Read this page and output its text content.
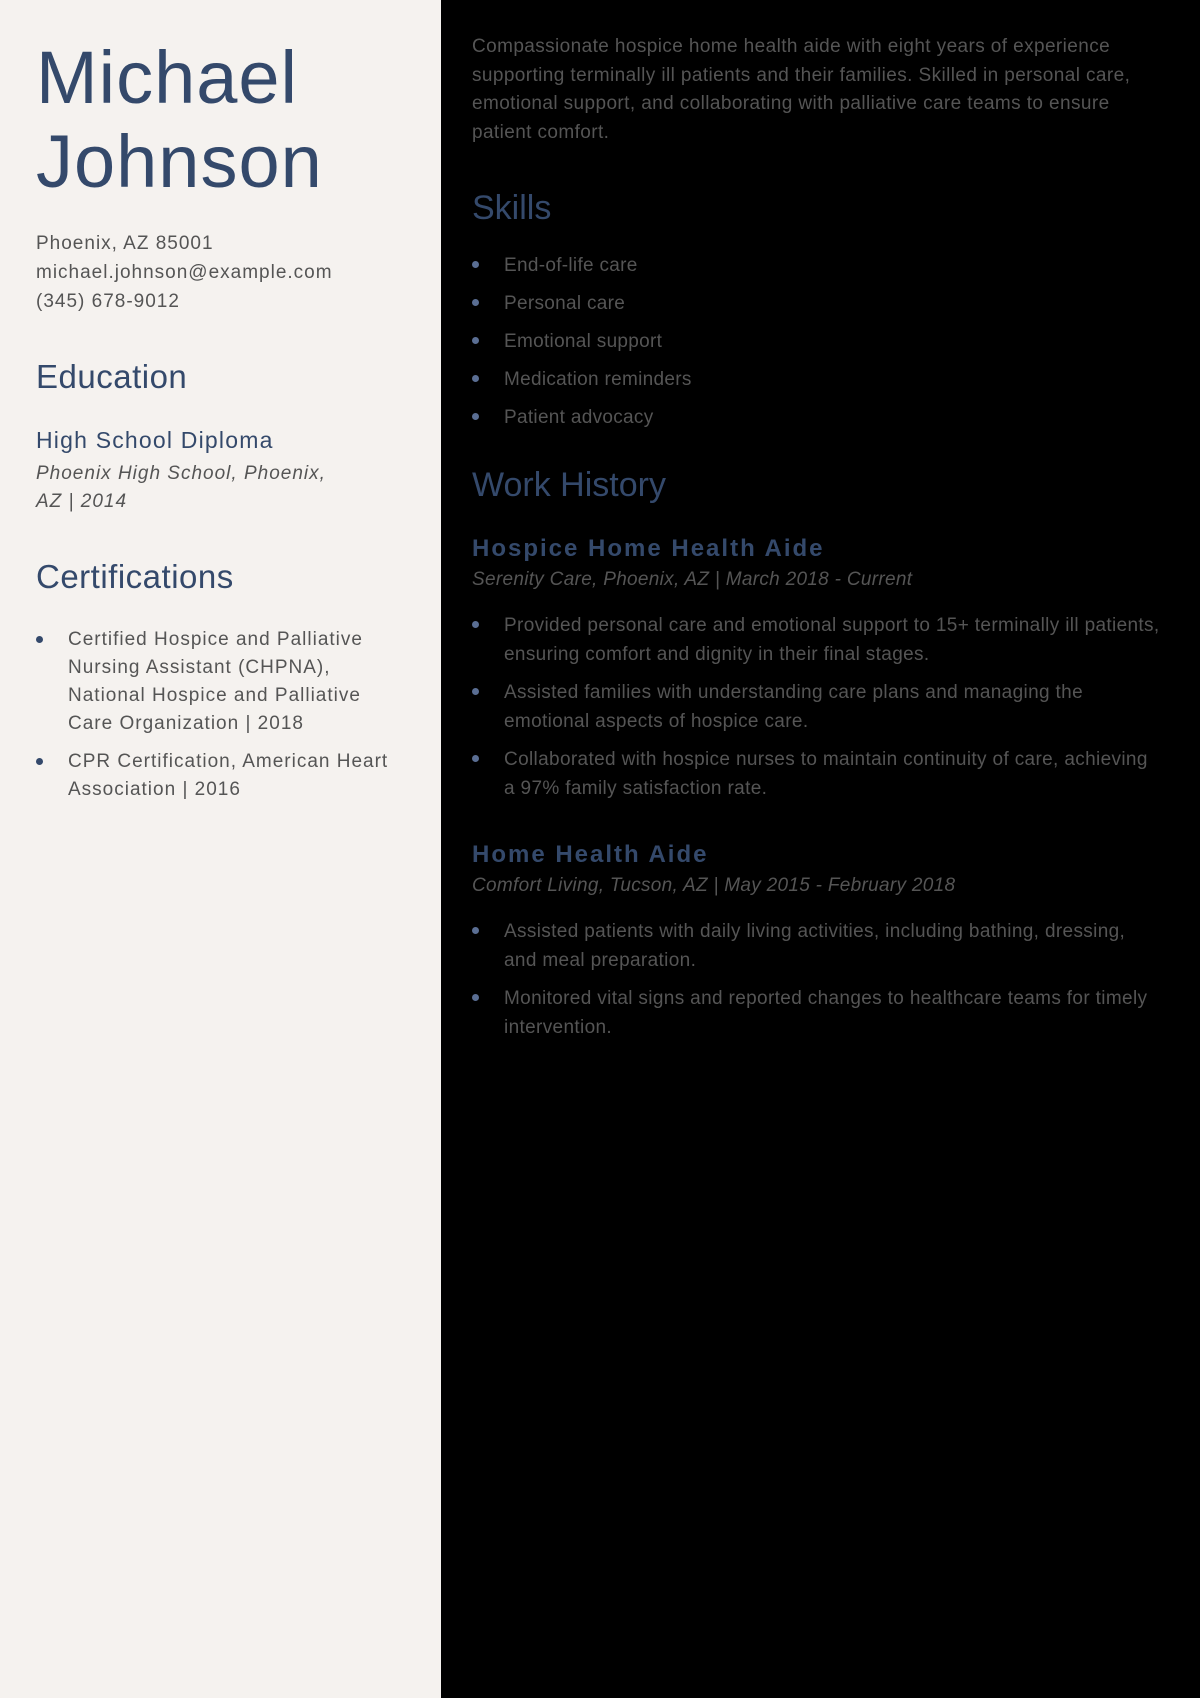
Michael
Johnson
Phoenix, AZ 85001
michael.johnson@example.com
(345) 678-9012
Education
High School Diploma
Phoenix High School, Phoenix,
AZ | 2014
Certifications
Certified Hospice and Palliative Nursing Assistant (CHPNA), National Hospice and Palliative Care Organization | 2018
CPR Certification, American Heart Association | 2016

Compassionate hospice home health aide with eight years of experience supporting terminally ill patients and their families. Skilled in personal care, emotional support, and collaborating with palliative care teams to ensure patient comfort.

Skills
End-of-life care
Personal care
Emotional support
Medication reminders
Patient advocacy
Work History
Hospice Home Health Aide
Serenity Care, Phoenix, AZ | March 2018 - Current
Provided personal care and emotional support to 15+ terminally ill patients, ensuring comfort and dignity in their final stages.
Assisted families with understanding care plans and managing the emotional aspects of hospice care.
Collaborated with hospice nurses to maintain continuity of care, achieving a 97% family satisfaction rate.
Home Health Aide
Comfort Living, Tucson, AZ | May 2015 - February 2018
Assisted patients with daily living activities, including bathing, dressing, and meal preparation.
Monitored vital signs and reported changes to healthcare teams for timely intervention.
